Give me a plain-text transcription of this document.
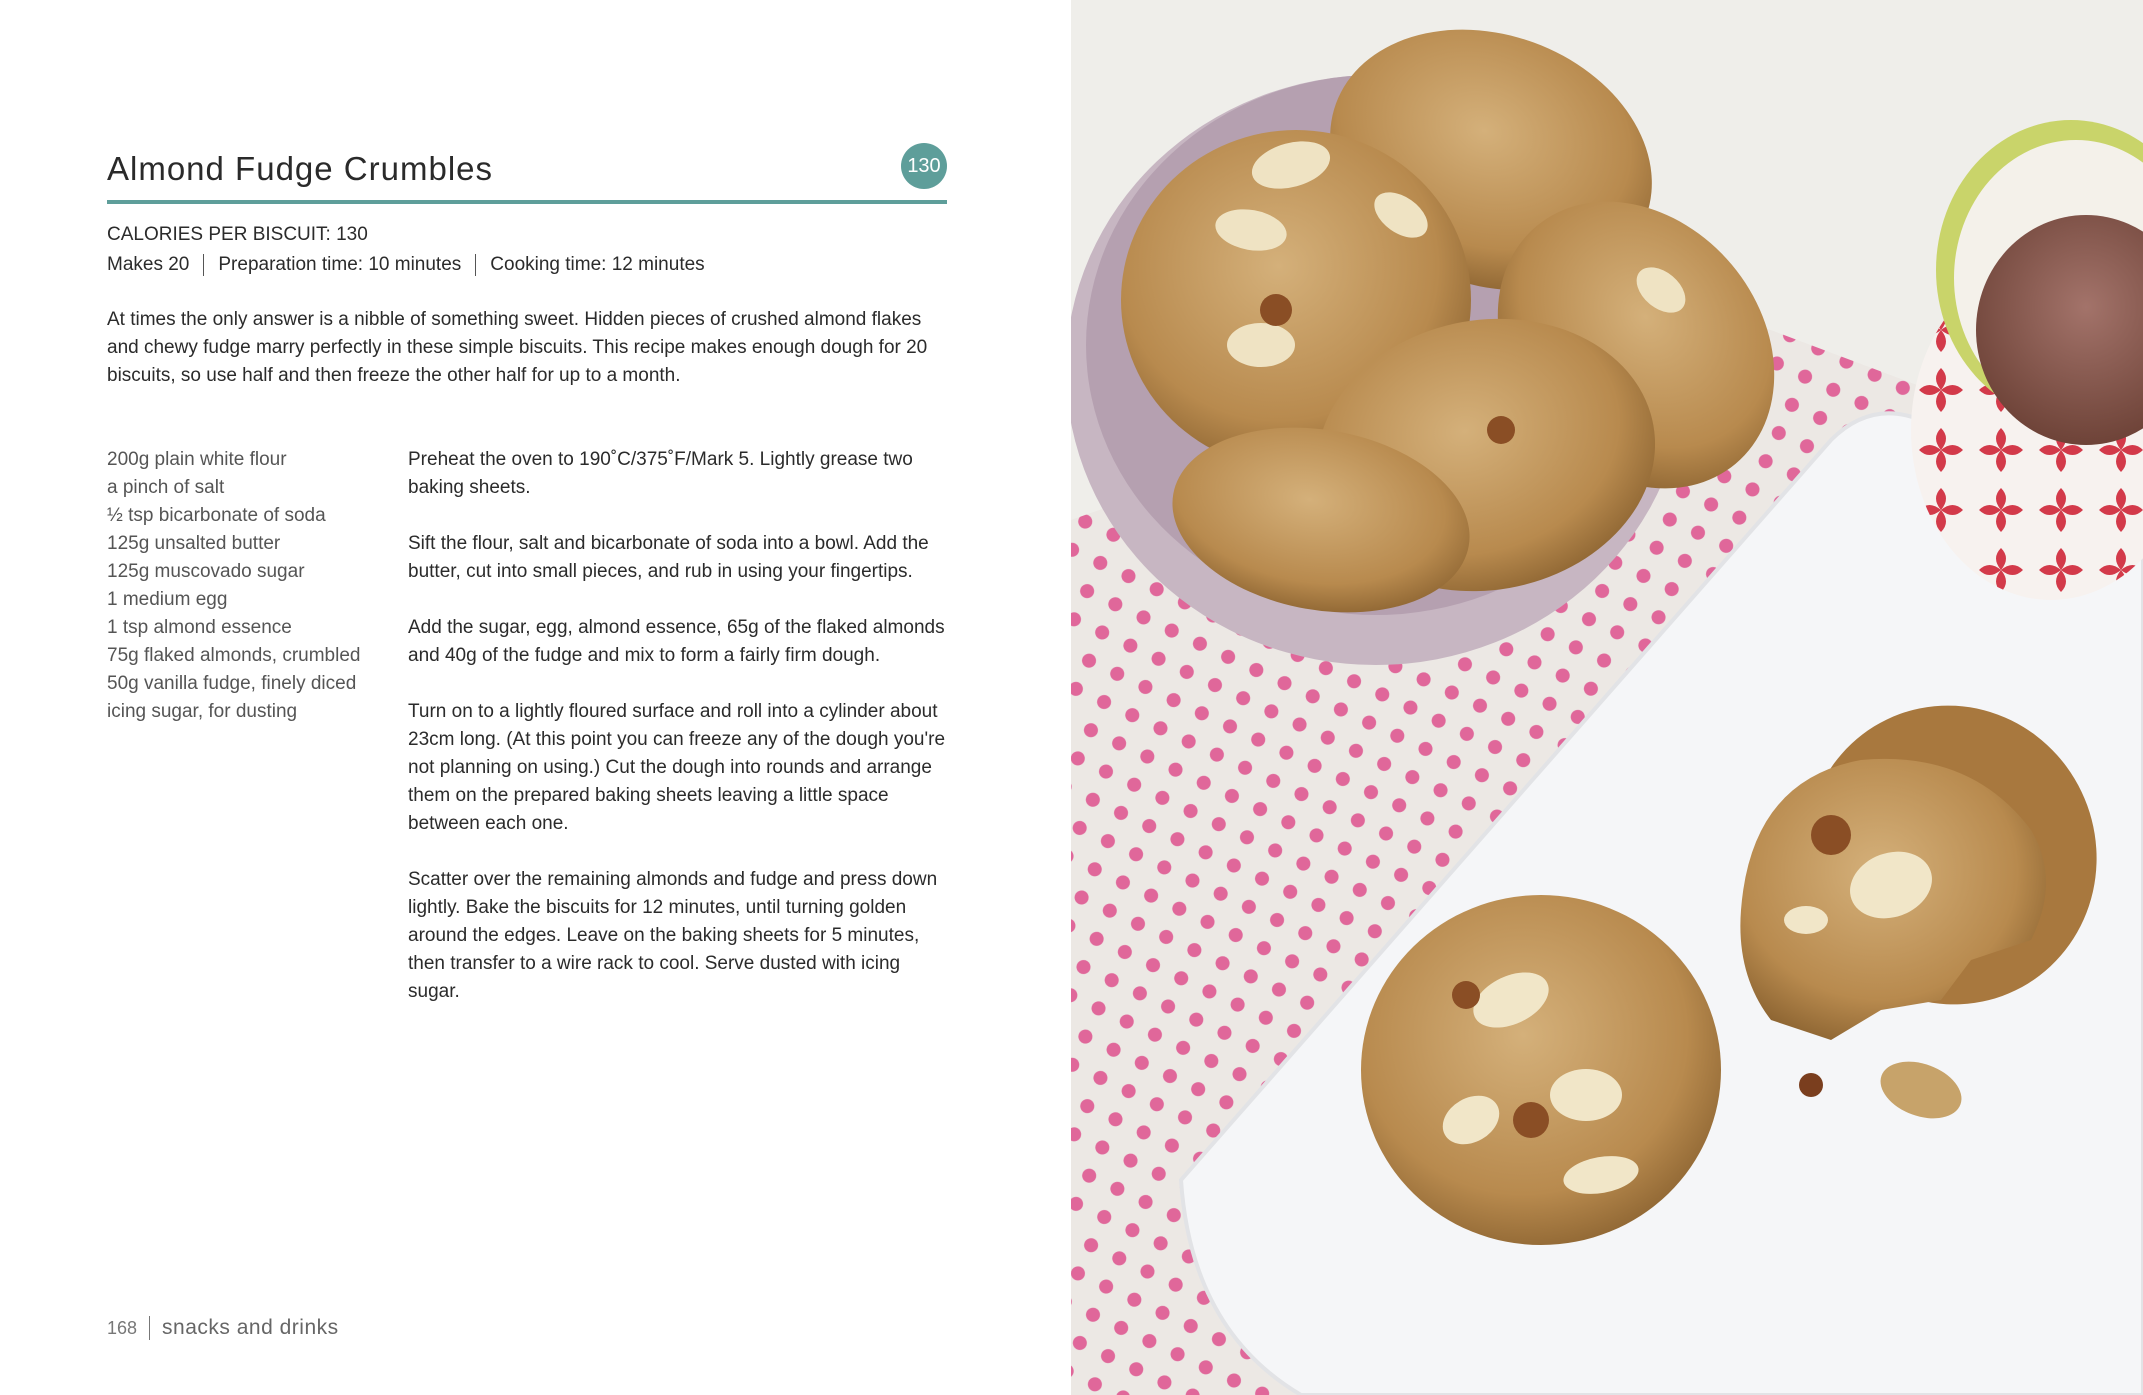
Almond Fudge Crumbles	130
CALORIES PER BISCUIT: 130
Makes 20 Preparation time: 10 minutes Cooking time: 12 minutes

At times the only answer is a nibble of something sweet. Hidden pieces of crushed almond flakes and chewy fudge marry perfectly in these simple biscuits. This recipe makes enough dough for 20 biscuits, so use half and then freeze the other half for up to a month.

200g plain white flour
a pinch of salt
½ tsp bicarbonate of soda
125g unsalted butter
125g muscovado sugar
1 medium egg
1 tsp almond essence
75g flaked almonds, crumbled
50g vanilla fudge, finely diced
icing sugar, for dusting

Preheat the oven to 190˚C/375˚F/Mark 5. Lightly grease two baking sheets.

Sift the flour, salt and bicarbonate of soda into a bowl. Add the butter, cut into small pieces, and rub in using your fingertips.

Add the sugar, egg, almond essence, 65g of the flaked almonds and 40g of the fudge and mix to form a fairly firm dough.

Turn on to a lightly floured surface and roll into a cylinder about 23cm long. (At this point you can freeze any of the dough you're not planning on using.) Cut the dough into rounds and arrange them on the prepared baking sheets leaving a little space between each one.

Scatter over the remaining almonds and fudge and press down lightly. Bake the biscuits for 12 minutes, until turning golden around the edges. Leave on the baking sheets for 5 minutes, then transfer to a wire rack to cool. Serve dusted with icing sugar.

168 snacks and drinks
